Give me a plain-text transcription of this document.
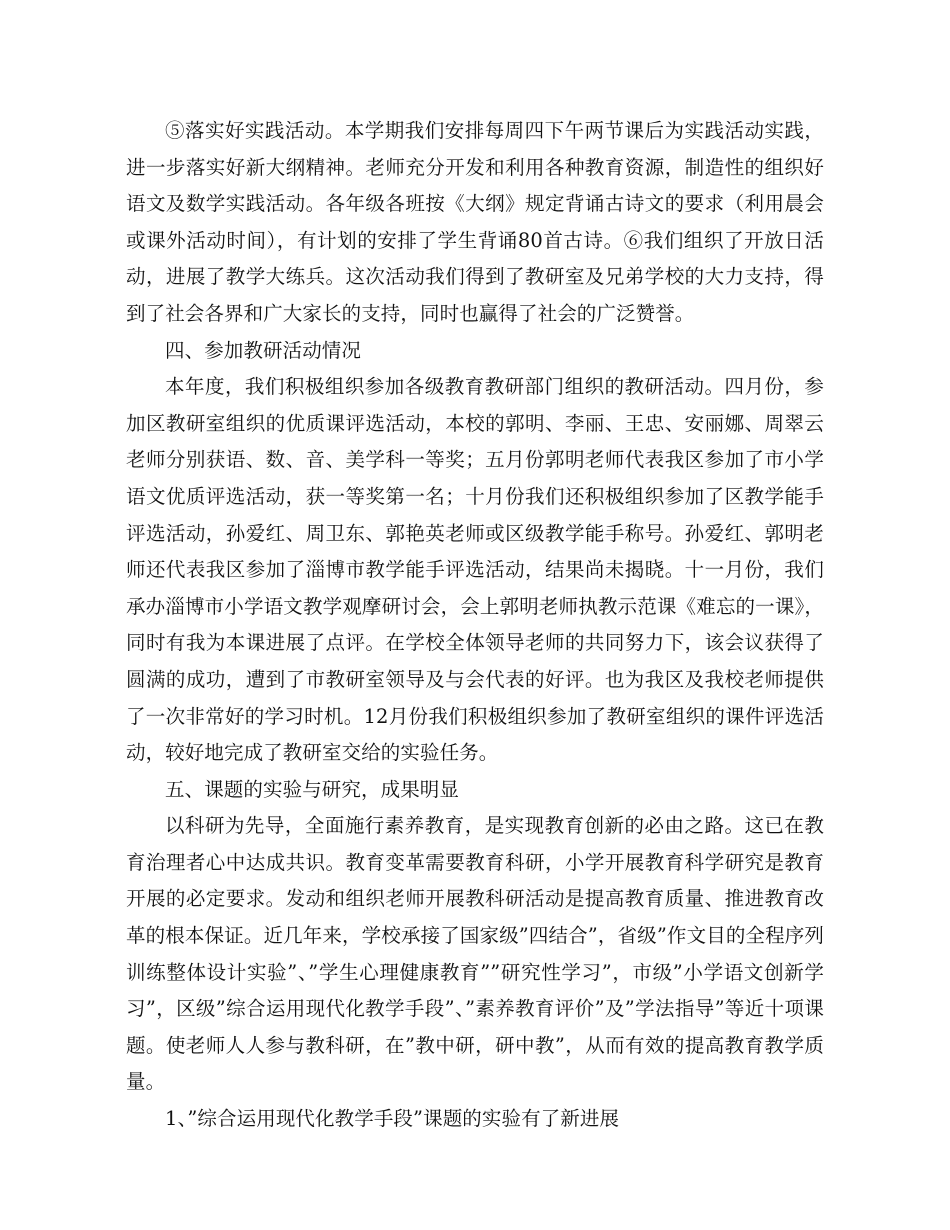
⑤落实好实践活动。本学期我们安排每周四下午两节课后为实践活动实践，进一步落实好新大纲精神。老师充分开发和利用各种教育资源，制造性的组织好语文及数学实践活动。各年级各班按《大纲》规定背诵古诗文的要求（利用晨会或课外活动时间），有计划的安排了学生背诵80首古诗。⑥我们组织了开放日活动，进展了教学大练兵。这次活动我们得到了教研室及兄弟学校的大力支持，得到了社会各界和广大家长的支持，同时也赢得了社会的广泛赞誉。

四、参加教研活动情况

本年度，我们积极组织参加各级教育教研部门组织的教研活动。四月份，参加区教研室组织的优质课评选活动，本校的郭明、李丽、王忠、安丽娜、周翠云老师分别获语、数、音、美学科一等奖；五月份郭明老师代表我区参加了市小学语文优质评选活动，获一等奖第一名；十月份我们还积极组织参加了区教学能手评选活动，孙爱红、周卫东、郭艳英老师或区级教学能手称号。孙爱红、郭明老师还代表我区参加了淄博市教学能手评选活动，结果尚未揭晓。十一月份，我们承办淄博市小学语文教学观摩研讨会，会上郭明老师执教示范课《难忘的一课》，同时有我为本课进展了点评。在学校全体领导老师的共同努力下，该会议获得了圆满的成功，遭到了市教研室领导及与会代表的好评。也为我区及我校老师提供了一次非常好的学习时机。12月份我们积极组织参加了教研室组织的课件评选活动，较好地完成了教研室交给的实验任务。

五、课题的实验与研究，成果明显

以科研为先导，全面施行素养教育，是实现教育创新的必由之路。这已在教育治理者心中达成共识。教育变革需要教育科研，小学开展教育科学研究是教育开展的必定要求。发动和组织老师开展教科研活动是提高教育质量、推进教育改革的根本保证。近几年来，学校承接了国家级”四结合”，省级”作文目的全程序列训练整体设计实验”、”学生心理健康教育””研究性学习”，市级”小学语文创新学习”，区级”综合运用现代化教学手段”、”素养教育评价”及”学法指导”等近十项课题。使老师人人参与教科研，在”教中研，研中教”，从而有效的提高教育教学质量。

1、”综合运用现代化教学手段”课题的实验有了新进展
